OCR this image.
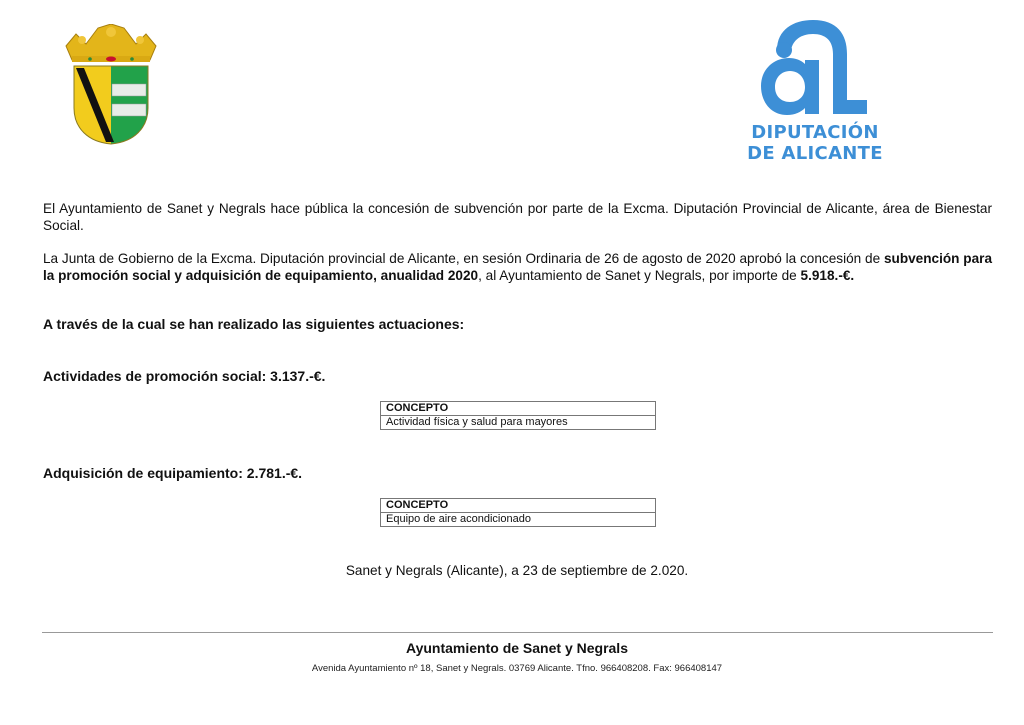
DIPUTACIÓN
DE ALICANTE
El Ayuntamiento de Sanet y Negrals hace pública la concesión de subvención por parte de la Excma. Diputación Provincial de Alicante, área de Bienestar Social.
La Junta de Gobierno de la Excma. Diputación provincial de Alicante, en sesión Ordinaria de 26 de agosto de 2020 aprobó la concesión de subvención para la promoción social y adquisición de equipamiento, anualidad 2020, al Ayuntamiento de Sanet y Negrals, por importe de 5.918.-€.
A través de la cual se han realizado las siguientes actuaciones:
Actividades de promoción social: 3.137.-€.
CONCEPTO
Actividad física y salud para mayores
Adquisición de equipamiento: 2.781.-€.
CONCEPTO
Equipo de aire acondicionado
Sanet y Negrals (Alicante), a 23 de septiembre de 2.020.
Ayuntamiento de Sanet y Negrals
Avenida Ayuntamiento nº 18, Sanet y Negrals. 03769 Alicante. Tfno. 966408208. Fax: 966408147
